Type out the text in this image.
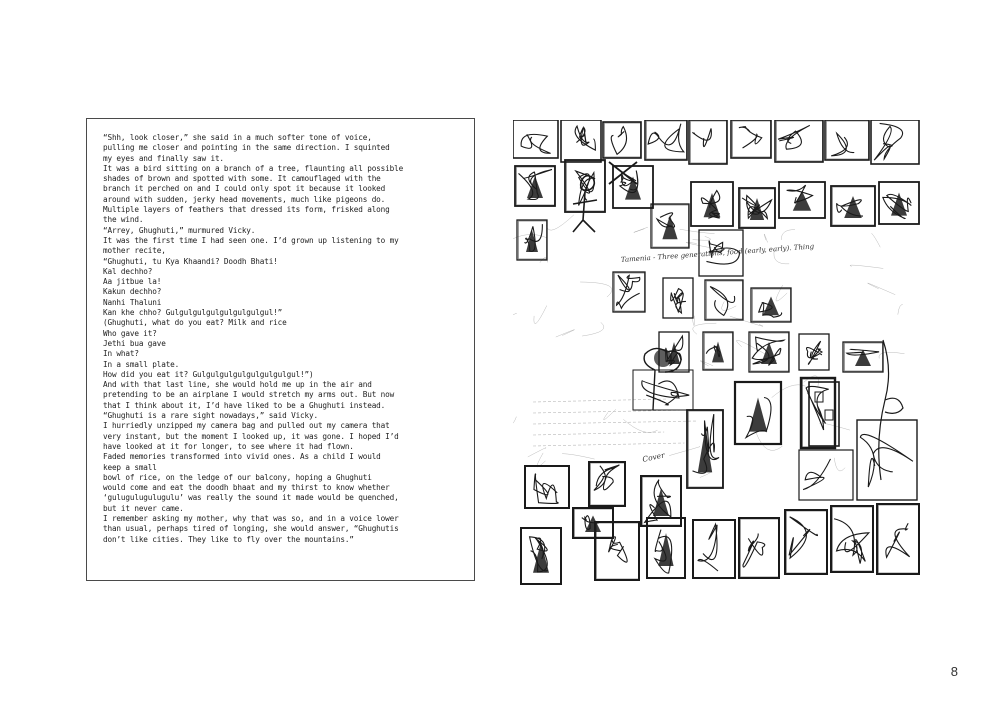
“Shh, look closer,” she said in a much softer tone of voice,
pulling me closer and pointing in the same direction. I squinted
my eyes and finally saw it.
It was a bird sitting on a branch of a tree, flaunting all possible
shades of brown and spotted with some. It camouflaged with the
branch it perched on and I could only spot it because it looked
around with sudden, jerky head movements, much like pigeons do.
Multiple layers of feathers that dressed its form, frisked along
the wind.
“Arrey, Ghughuti,” murmured Vicky.
It was the first time I had seen one. I’d grown up listening to my
mother recite,
“Ghughuti, tu Kya Khaandi? Doodh Bhati!
Kal dechho?
Aa jitbue la!
Kakun dechho?
Nanhi Thaluni
Kan khe chho? Gulgulgulgulgulgulgulgul!”
(Ghughuti, what do you eat? Milk and rice
Who gave it?
Jethi bua gave
In what?
In a small plate.
How did you eat it? Gulgulgulgulgulgulgulgul!”)
And with that last line, she would hold me up in the air and
pretending to be an airplane I would stretch my arms out. But now
that I think about it, I’d have liked to be a Ghughuti instead.
“Ghughuti is a rare sight nowadays,” said Vicky.
I hurriedly unzipped my camera bag and pulled out my camera that
very instant, but the moment I looked up, it was gone. I hoped I’d
have looked at it for longer, to see where it had flown.
Faded memories transformed into vivid ones. As a child I would
keep a small
bowl of rice, on the ledge of our balcony, hoping a Ghughuti
would come and eat the doodh bhaat and my thirst to know whether
‘gulugulugulugulu’ was really the sound it made would be quenched,
but it never came.
I remember asking my mother, why that was so, and in a voice lower
than usual, perhaps tired of longing, she would answer, “Ghughutis
don’t like cities. They like to fly over the mountains.”
Tamenia - Three generations, food (early, early). Thing
Cover
8
